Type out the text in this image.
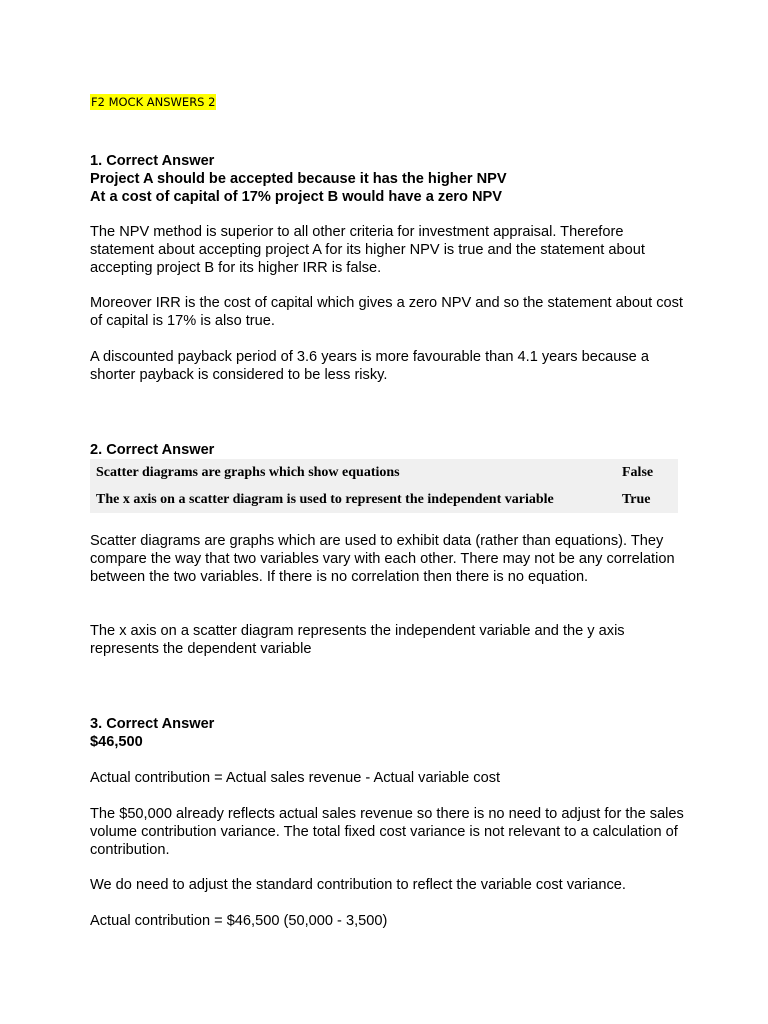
F2 MOCK ANSWERS 2

1. Correct Answer

Project A should be accepted because it has the higher NPV

At a cost of capital of 17% project B would have a zero NPV

The NPV method is superior to all other criteria for investment appraisal. Therefore statement about accepting project A for its higher NPV is true and the statement about accepting project B for its higher IRR is false.

Moreover IRR is the cost of capital which gives a zero NPV and so the statement about cost of capital is 17% is also true.

A discounted payback period of 3.6 years is more favourable than 4.1 years because a shorter payback is considered to be less risky.

2. Correct Answer

Scatter diagrams are graphs which show equations	False
The x axis on a scatter diagram is used to represent the independent variable	True

Scatter diagrams are graphs which are used to exhibit data (rather than equations). They compare the way that two variables vary with each other. There may not be any correlation between the two variables. If there is no correlation then there is no equation.

The x axis on a scatter diagram represents the independent variable and the y axis represents the dependent variable

3. Correct Answer

$46,500

Actual contribution = Actual sales revenue - Actual variable cost

The $50,000 already reflects actual sales revenue so there is no need to adjust for the sales volume contribution variance. The total fixed cost variance is not relevant to a calculation of contribution.

We do need to adjust the standard contribution to reflect the variable cost variance.

Actual contribution = $46,500 (50,000 - 3,500)
